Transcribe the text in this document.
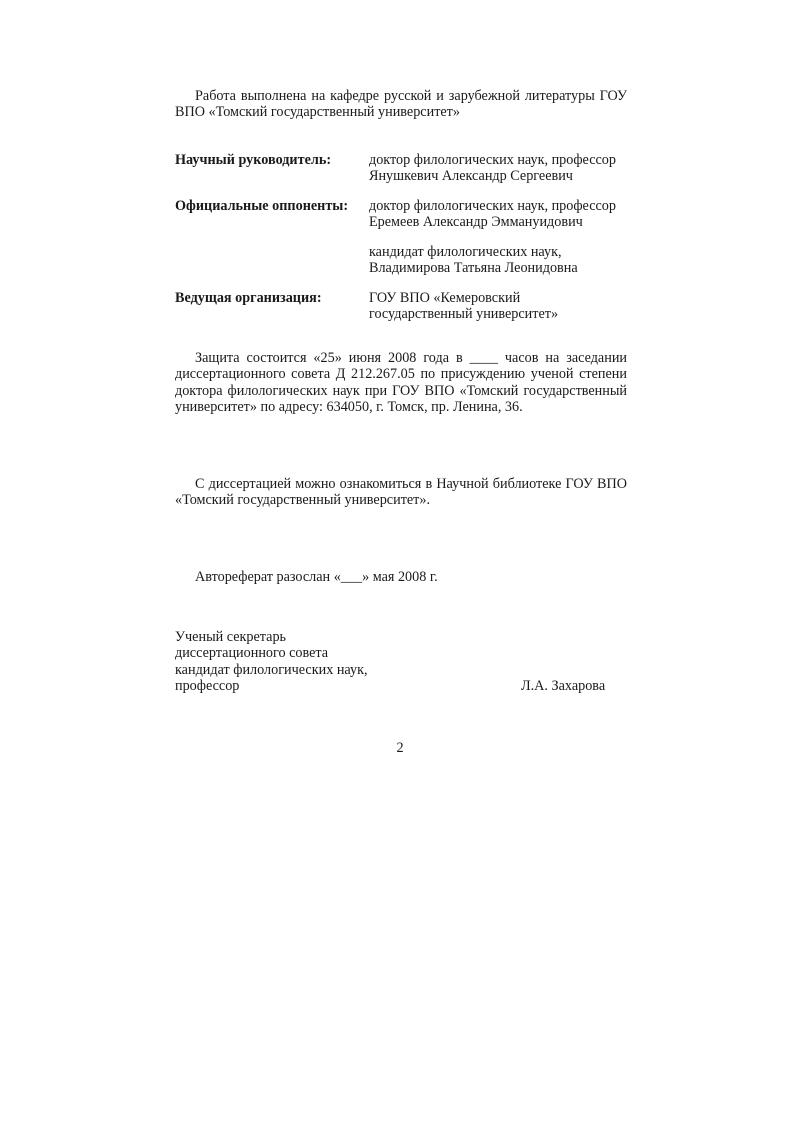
Работа выполнена на кафедре русской и зарубежной литературы ГОУ ВПО «Томский государственный университет»

Научный руководитель:	доктор филологических наук, профессор
Янушкевич Александр Сергеевич

Официальные оппоненты: доктор филологических наук, профессор
Еремеев Александр Эммануидович
кандидат филологических наук,
Владимирова Татьяна Леонидовна

Ведущая организация:	ГОУ ВПО «Кемеровский
государственный университет»

Защита состоится «25» июня 2008 года в ____ часов на заседании диссертационного совета Д 212.267.05 по присуждению ученой степени доктора филологических наук при ГОУ ВПО «Томский государственный университет» по адресу: 634050, г. Томск, пр. Ленина, 36.

С диссертацией можно ознакомиться в Научной библиотеке ГОУ ВПО «Томский государственный университет».

Автореферат разослан «___» мая 2008 г.

Ученый секретарь
диссертационного совета
кандидат филологических наук,
профессор	Л.А. Захарова
2
